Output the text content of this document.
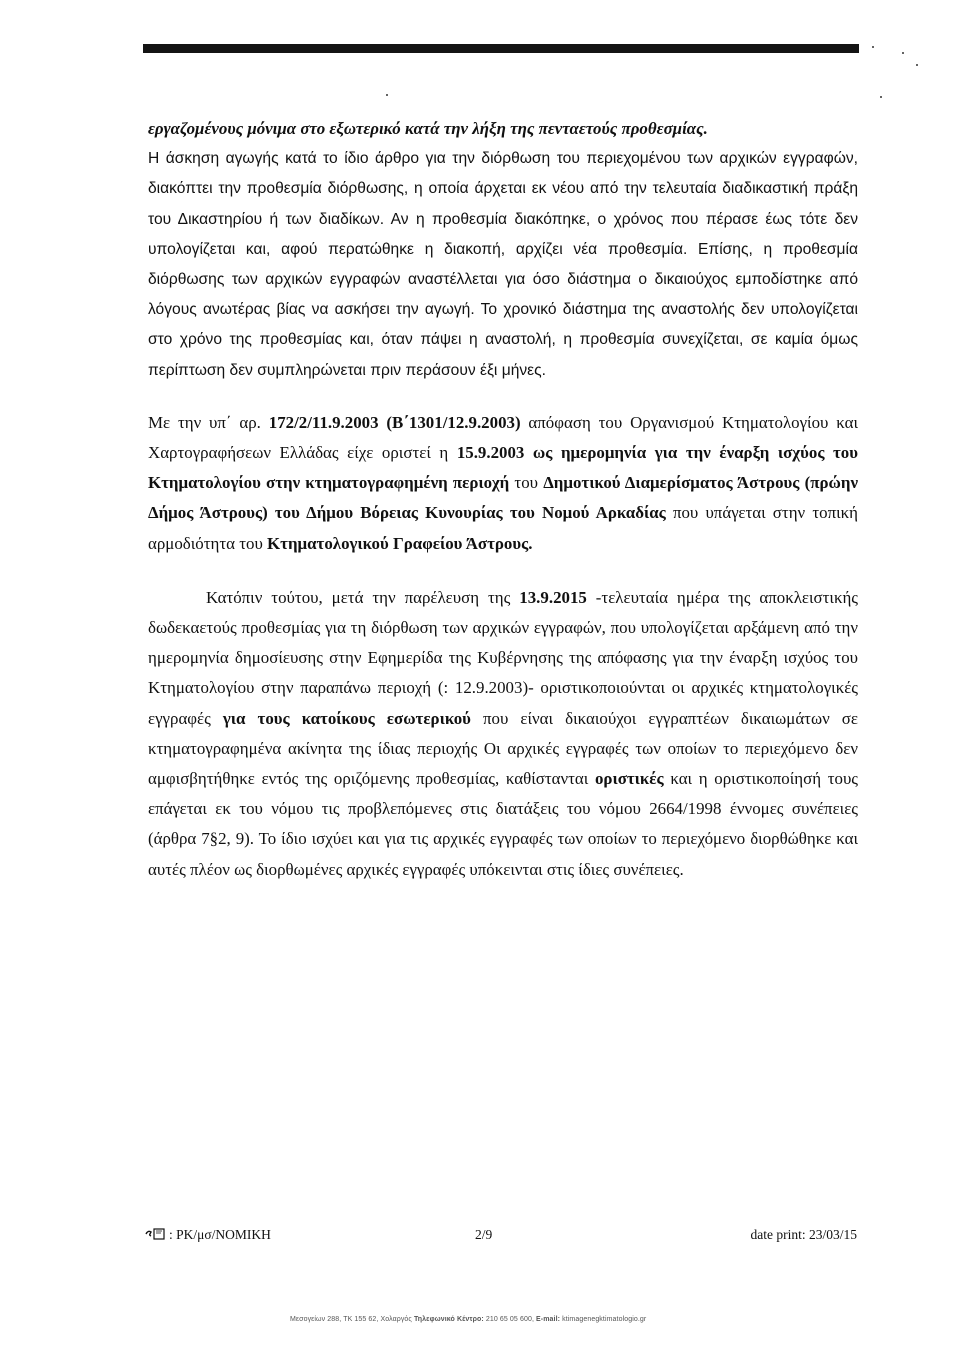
εργαζομένους μόνιμα στο εξωτερικό κατά την λήξη της πενταετούς προθεσμίας.

Η άσκηση αγωγής κατά το ίδιο άρθρο για την διόρθωση του περιεχομένου των αρχικών εγγραφών, διακόπτει την προθεσμία διόρθωσης, η οποία άρχεται εκ νέου από την τελευταία διαδικαστική πράξη του Δικαστηρίου ή των διαδίκων. Αν η προθεσμία διακόπηκε, ο χρόνος που πέρασε έως τότε δεν υπολογίζεται και, αφού περατώθηκε η διακοπή, αρχίζει νέα προθεσμία. Επίσης, η προθεσμία διόρθωσης των αρχικών εγγραφών αναστέλλεται για όσο διάστημα ο δικαιούχος εμποδίστηκε από λόγους ανωτέρας βίας να ασκήσει την αγωγή. Το χρονικό διάστημα της αναστολής δεν υπολογίζεται στο χρόνο της προθεσμίας και, όταν πάψει η αναστολή, η προθεσμία συνεχίζεται, σε καμία όμως περίπτωση δεν συμπληρώνεται πριν περάσουν έξι μήνες.

Με την υπ΄ αρ. 172/2/11.9.2003 (Β΄1301/12.9.2003) απόφαση του Οργανισμού Κτηματολογίου και Χαρτογραφήσεων Ελλάδας είχε οριστεί η 15.9.2003 ως ημερομηνία για την έναρξη ισχύος του Κτηματολογίου στην κτηματογραφημένη περιοχή του Δημοτικού Διαμερίσματος Άστρους (πρώην Δήμος Άστρους) του Δήμου Βόρειας Κυνουρίας του Νομού Αρκαδίας που υπάγεται στην τοπική αρμοδιότητα του Κτηματολογικού Γραφείου Άστρους.

Κατόπιν τούτου, μετά την παρέλευση της 13.9.2015 -τελευταία ημέρα της αποκλειστικής δωδεκαετούς προθεσμίας για τη διόρθωση των αρχικών εγγραφών, που υπολογίζεται αρξάμενη από την ημερομηνία δημοσίευσης στην Εφημερίδα της Κυβέρνησης της απόφασης για την έναρξη ισχύος του Κτηματολογίου στην παραπάνω περιοχή (: 12.9.2003)- οριστικοποιούνται οι αρχικές κτηματολογικές εγγραφές για τους κατοίκους εσωτερικού που είναι δικαιούχοι εγγραπτέων δικαιωμάτων σε κτηματογραφημένα ακίνητα της ίδιας περιοχής Οι αρχικές εγγραφές των οποίων το περιεχόμενο δεν αμφισβητήθηκε εντός της οριζόμενης προθεσμίας, καθίστανται οριστικές και η οριστικοποίησή τους επάγεται εκ του νόμου τις προβλεπόμενες στις διατάξεις του νόμου 2664/1998 έννομες συνέπειες (άρθρα 7§2, 9). Το ίδιο ισχύει και για τις αρχικές εγγραφές των οποίων το περιεχόμενο διορθώθηκε και αυτές πλέον ως διορθωμένες αρχικές εγγραφές υπόκεινται στις ίδιες συνέπειες.

: PK/μσ/NOMIKH	2/9	date print: 23/03/15
Μεσογείων 288, ΤΚ 155 62, Χολαργός Τηλεφωνικό Κέντρο: 210 65 05 600, E-mail: ktimagenegktimatologio.gr
